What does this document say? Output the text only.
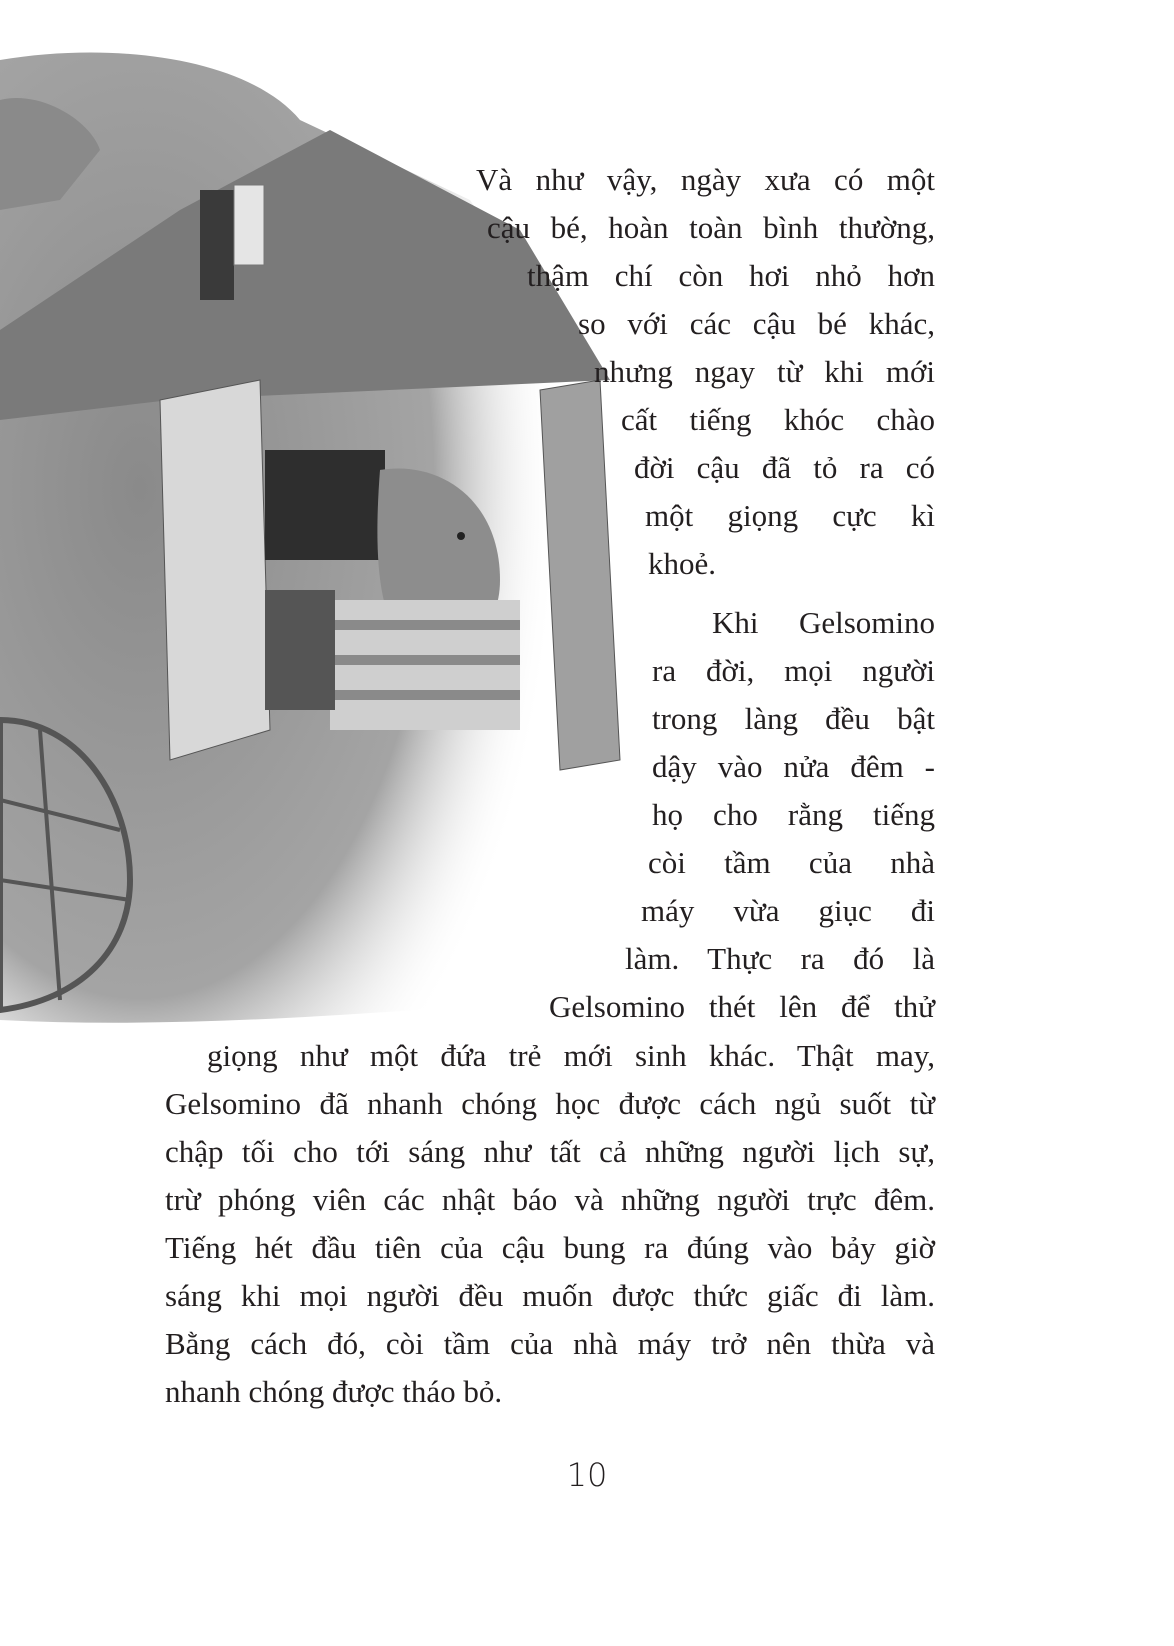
Và như vậy, ngày xưa có một
cậu bé, hoàn toàn bình thường,
thậm chí còn hơi nhỏ hơn
so với các cậu bé khác,
nhưng ngay từ khi mới
cất tiếng khóc chào
đời cậu đã tỏ ra có
một giọng cực kì
khoẻ.
Khi Gelsomino
ra đời, mọi người
trong làng đều bật
dậy vào nửa đêm -
họ cho rằng tiếng
còi tầm của nhà
máy vừa giục đi
làm. Thực ra đó là
Gelsomino thét lên để thử
giọng như một đứa trẻ mới sinh khác. Thật may,
Gelsomino đã nhanh chóng học được cách ngủ suốt từ
chập tối cho tới sáng như tất cả những người lịch sự,
trừ phóng viên các nhật báo và những người trực đêm.
Tiếng hét đầu tiên của cậu bung ra đúng vào bảy giờ
sáng khi mọi người đều muốn được thức giấc đi làm.
Bằng cách đó, còi tầm của nhà máy trở nên thừa và
nhanh chóng được tháo bỏ.
10
